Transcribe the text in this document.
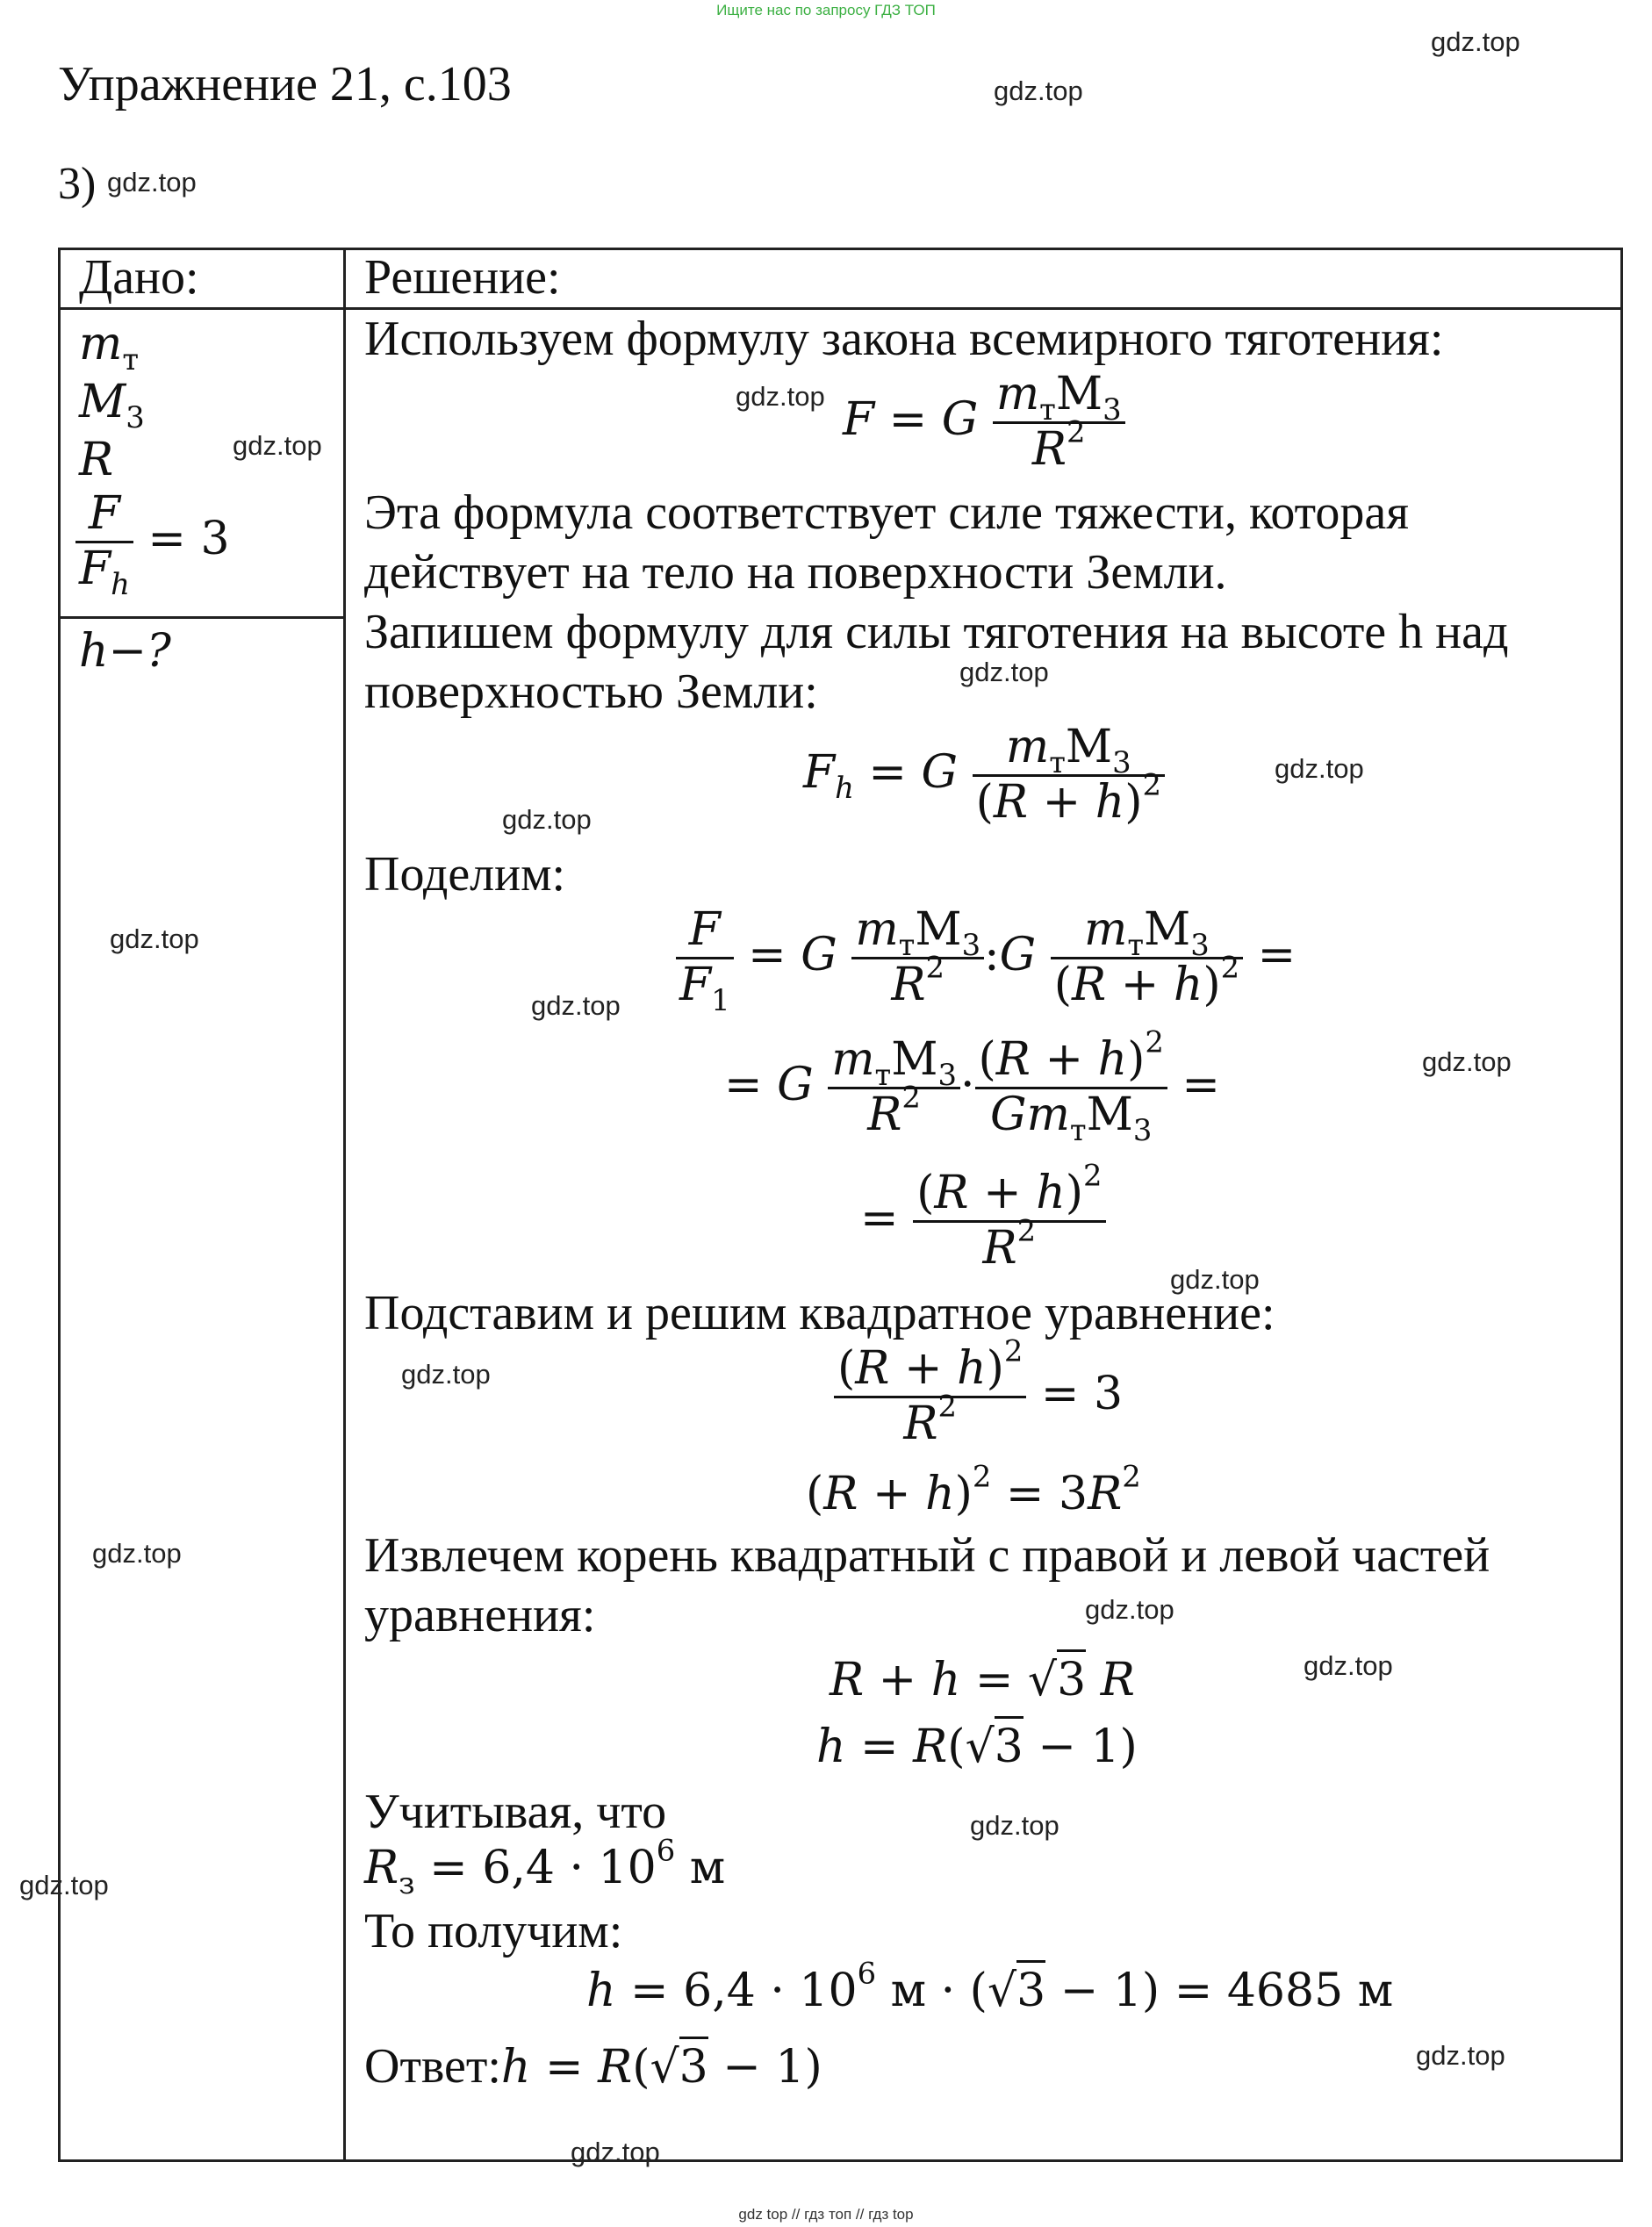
Ищите нас по запросу ГДЗ ТОП
Упражнение 21, с.103
3)
Дано:	Решение:
$m_т$
$M_3$
R
$\frac{F}{F_h} = 3$
h−?
Используем формулу закона всемирного тяготения:
F = G $\frac{m_тM_3}{R^2}$
Эта формула соответствует силе тяжести, которая
действует на тело на поверхности Земли.
Запишем формулу для силы тяготения на высоте h над
поверхностью Земли:
$F_h = G \frac{m_тM_3}{(R + h)^2}$
Поделим:
$\frac{F}{F_1} = G \frac{m_тM_3}{R^2}$ :G $\frac{m_тM_3}{(R + h)^2}$ =
= G $\frac{m_тM_3}{R^2} \cdot \frac{(R + h)^2}{Gm_тM_3}$ =
= $\frac{(R + h)^2}{R^2}$
Подставим и решим квадратное уравнение:
$\frac{(R + h)^2}{R^2} = 3$
$(R + h)^2 = 3R^2$
Извлечем корень квадратный с правой и левой частей
уравнения:
R + h = √3 R
h = R(√3 − 1)
Учитывая, что
$R_з = 6,4 \cdot 10^6$ м
То получим:
$h = 6,4 \cdot 10^6$ м · (√3 − 1) = 4685 м
Ответ:h = R(√3 − 1)
gdz.top
gdz.top
gdz.top
gdz.top
gdz.top
gdz.top
gdz.top
gdz.top
gdz.top
gdz.top
gdz.top
gdz.top
gdz.top
gdz.top
gdz.top
gdz.top
gdz.top
gdz.top
gdz.top
gdz.top
gdz top // гдз топ // гдз top
